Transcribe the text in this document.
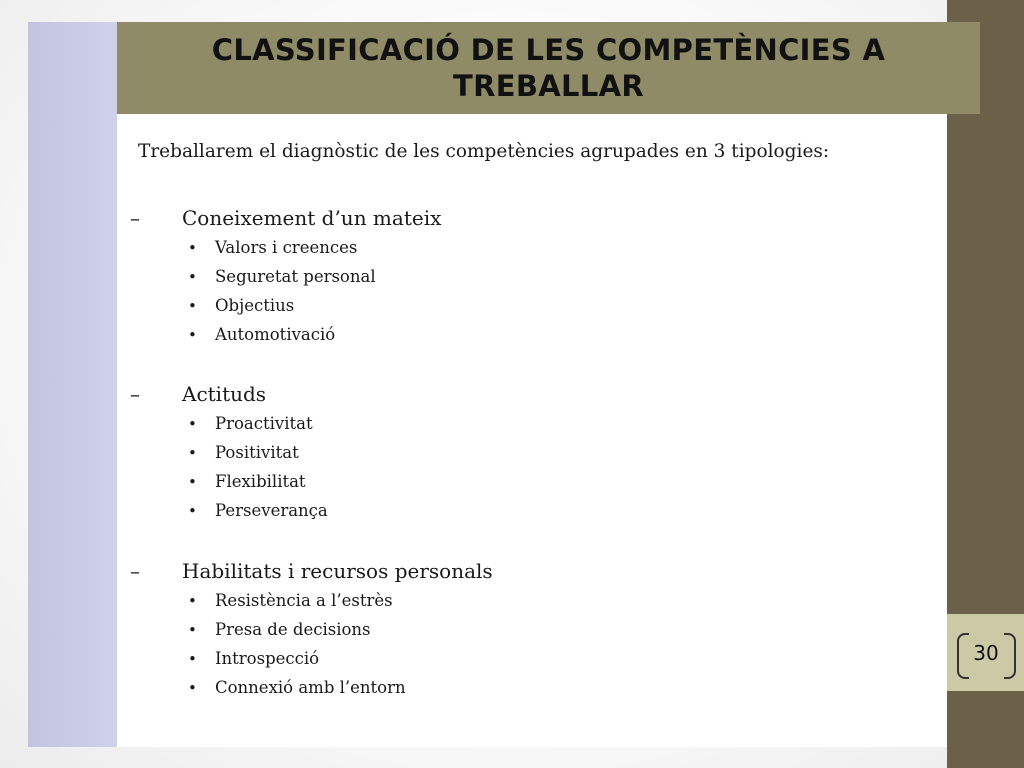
CLASSIFICACIÓ DE LES COMPETÈNCIES A TREBALLAR
Treballarem el diagnòstic de les competències agrupades en 3 tipologies:
– Coneixement d’un mateix
• Valors i creences
• Seguretat personal
• Objectius
• Automotivació
– Actituds
• Proactivitat
• Positivitat
• Flexibilitat
• Perseverança
– Habilitats i recursos personals
• Resistència a l’estrès
• Presa de decisions
• Introspecció
• Connexió amb l’entorn
30
